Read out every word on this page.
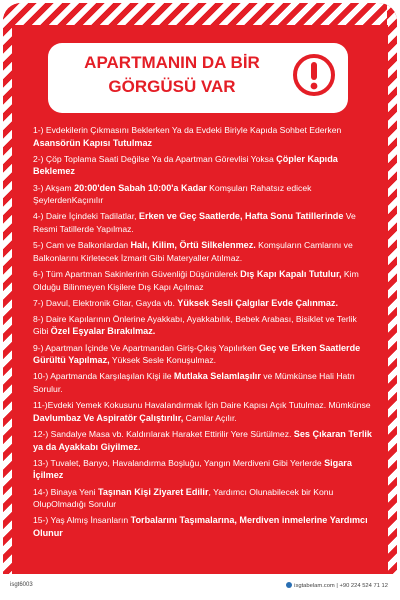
APARTMANIN DA BİR
GÖRGÜSÜ VAR
1-) Evdekilerin Çıkmasını Beklerken Ya da Evdeki Biriyle Kapıda Sohbet Ederken Asansörün Kapısı Tutulmaz
2-) Çöp Toplama Saati Değilse Ya da Apartman Görevlisi Yoksa Çöpler Kapıda Beklemez
3-) Akşam 20:00'den Sabah 10:00'a Kadar Komşuları Rahatsız edicek ŞeylerdenKaçınılır
4-) Daire İçindeki Tadilatlar, Erken ve Geç Saatlerde, Hafta Sonu Tatillerinde Ve Resmi Tatillerde Yapılmaz.
5-) Cam ve Balkonlardan Halı, Kilim, Örtü Silkelenmez. Komşuların Camlarını ve Balkonlarını Kirletecek İzmarit Gibi Materyaller Atılmaz.
6-) Tüm Apartman Sakinlerinin Güvenliği Düşünülerek Dış Kapı Kapalı Tutulur, Kim Olduğu Bilinmeyen Kişilere Dış Kapı Açılmaz
7-) Davul, Elektronik Gitar, Gayda vb. Yüksek Sesli Çalgılar Evde Çalınmaz.
8-) Daire Kapılarının Önlerine Ayakkabı, Ayakkabılık, Bebek Arabası, Bisiklet ve Terlik Gibi Özel Eşyalar Bırakılmaz.
9-) Apartman İçinde Ve Apartmandan Giriş-Çıkış Yapılırken Geç ve Erken Saatlerde Gürültü Yapılmaz, Yüksek Sesle Konuşulmaz.
10-) Apartmanda Karşılaşılan Kişi ile Mutlaka Selamlaşılır ve Mümkünse Hali Hatrı Sorulur.
11-)Evdeki Yemek Kokusunu Havalandırmak İçin Daire Kapısı Açık Tutulmaz. Mümkünse Davlumbaz Ve Aspiratör Çalıştırılır, Camlar Açılır.
12-) Sandalye Masa vb. Kaldırılarak Haraket Ettirilir Yere Sürtülmez. Ses Çıkaran Terlik ya da Ayakkabı Giyilmez.
13-) Tuvalet, Banyo, Havalandırma Boşluğu, Yangın Merdiveni Gibi Yerlerde Sigara İçilmez
14-) Binaya Yeni Taşınan Kişi Ziyaret Edilir, Yardımcı Olunabilecek bir Konu OlupOlmadığı Sorulur
15-) Yaş Almış İnsanların Torbalarını Taşımalarına, Merdiven inmelerine Yardımcı Olunur
isgt6003	isgtabelam.com | +90 224 524 71 12
